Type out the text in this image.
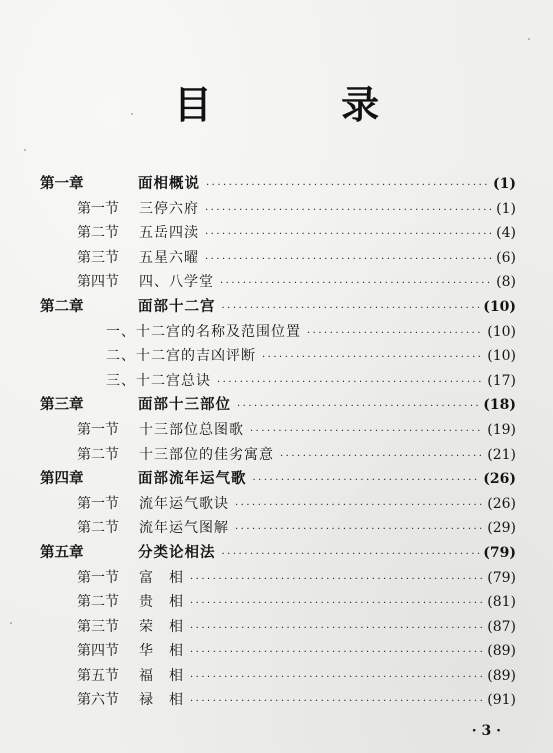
目 录
第一章	面相概说 ·····	(1)
第一节	三停六府 ·····	(1)
第二节	五岳四渎 ·····	(4)
第三节	五星六曜 ·····	(6)
第四节	四、八学堂 ·····	(8)
第二章	面部十二宫 ·····	(10)
一、十二宫的名称及范围位置 ·····	(10)
二、十二宫的吉凶评断 ·····	(10)
三、十二宫总诀 ·····	(17)
第三章	面部十三部位 ·····	(18)
第一节	十三部位总图歌 ·····	(19)
第二节	十三部位的佳劣寓意 ·····	(21)
第四章	面部流年运气歌 ·····	(26)
第一节	流年运气歌诀 ·····	(26)
第二节	流年运气图解 ·····	(29)
第五章	分类论相法 ·····	(79)
第一节	富　相 ·····	(79)
第二节	贵　相 ·····	(81)
第三节	荣　相 ·····	(87)
第四节	华　相 ·····	(89)
第五节	福　相 ·····	(89)
第六节	禄　相 ·····	(91)
· 3 ·
